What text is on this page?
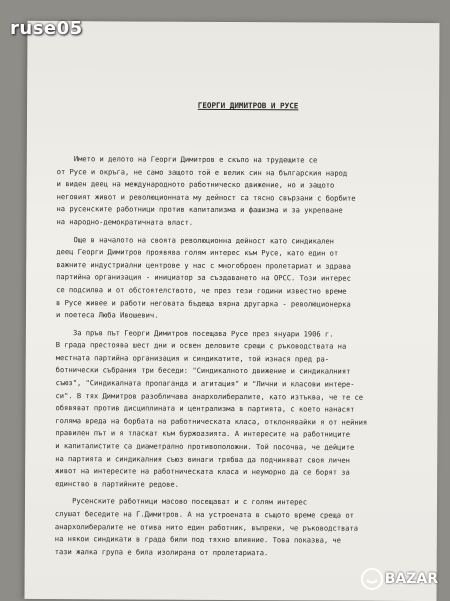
ruse05

ГЕОРГИ ДИМИТРОВ И РУСЕ

Името и делото на Георги Димитров е скъпо на трудещите се
от Русе и окръга, не само защото той е велик син на българския народ
и виден деец на международното работническо движение, но и защото
неговият живот и революционната му дейност са тясно свързани с борбите
на русенските работници против капитализма и фашизма и за укрепване
на народно-демократичната власт.
Още в началото на своята революционна дейност като синдикален
деец Георги Димитров проявява голям интерес към Русе, като един от
важните индустриални центрове у нас с многоброен пролетариат и здрава
партийна организация - инициатор за създаването на ОРСС. Този интерес
се подсилва и от обстоятелството, че през тези години известно време
в Русе живее и работи неговата бъдеща вярна другарка - революционерка
и поетеса Люба Ивошевич.
За пръв път Георги Димитров посещава Русе през януари 1906 г.
В града престоява шест дни и освен деловите срещи с ръководствата на
местната партийна организация и синдикатите, той изнася пред ра-
ботнически събрания три беседи: "Синдикалното движение и синдикалният
съюз", "Синдикалната пропаганда и агитация" и "Лични и класови интере-
си". В тях Димитров разобличава анархолибералите, като изтъква, че те се
обявяват против дисциплината и централизма в партията, с което нанасят
голяма вреда на борбата на работническата класа, отклонявайки я от нейния
правилен път и я тласкат към буржоазията. А интересите на работниците
и капиталистите са диаметрално противоположни. Той посочва, че дейците
на партията и синдикалния съюз винаги трябва да подчиняват своя личен
живот на интересите на работническата класа и неуморно да се борят за
единство в партийните редове.
Русенските работници масово посещават и с голям интерес
слушат беседите на Г.Димитров. А на устроената в същото време среща от
анархолибералите не отива нито един работник, въпреки, че ръководствата
на някои синдикати в града били под тяхно влияние. Това показва, че
тази жалка група е била изолирана от пролетариата.

BAZAR
